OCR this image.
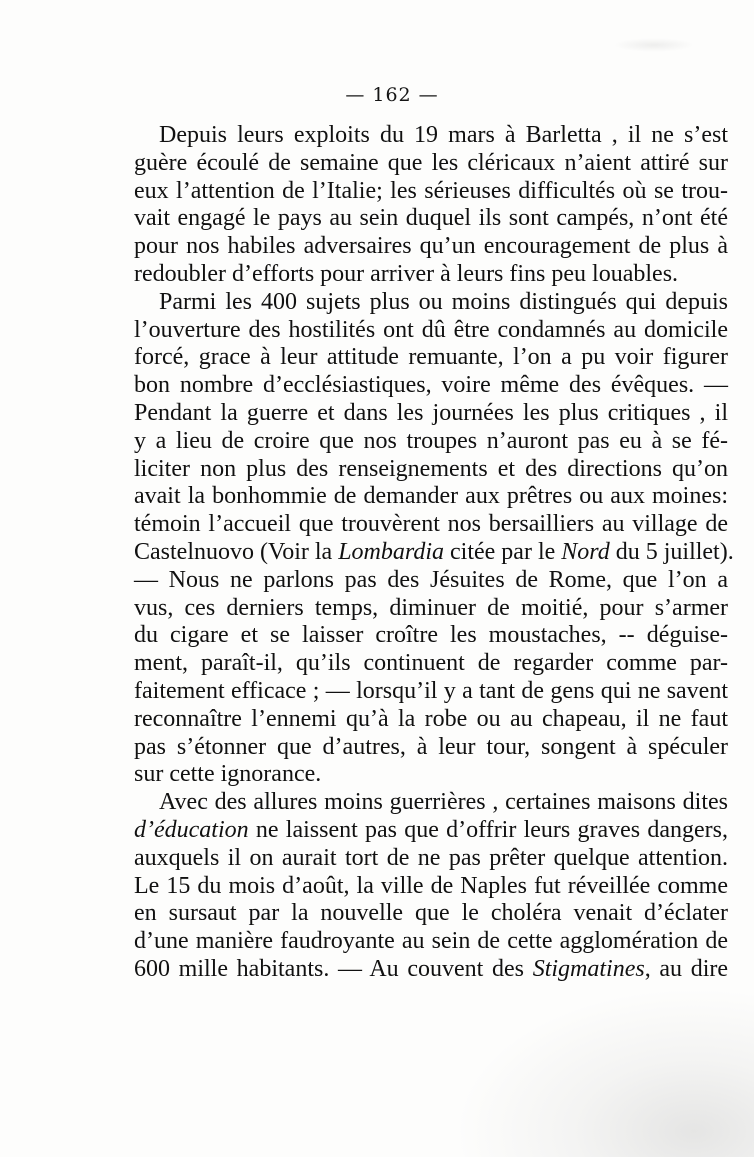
— 162 —
Depuis leurs exploits du 19 mars à Barletta , il ne s’est
guère écoulé de semaine que les cléricaux n’aient attiré sur
eux l’attention de l’Italie; les sérieuses difficultés où se trou-
vait engagé le pays au sein duquel ils sont campés, n’ont été
pour nos habiles adversaires qu’un encouragement de plus à
redoubler d’efforts pour arriver à leurs fins peu louables.
Parmi les 400 sujets plus ou moins distingués qui depuis
l’ouverture des hostilités ont dû être condamnés au domicile
forcé, grace à leur attitude remuante, l’on a pu voir figurer
bon nombre d’ecclésiastiques, voire même des évêques. —
Pendant la guerre et dans les journées les plus critiques , il
y a lieu de croire que nos troupes n’auront pas eu à se fé-
liciter non plus des renseignements et des directions qu’on
avait la bonhommie de demander aux prêtres ou aux moines:
témoin l’accueil que trouvèrent nos bersailliers au village de
Castelnuovo (Voir la Lombardia citée par le Nord du 5 juillet).
— Nous ne parlons pas des Jésuites de Rome, que l’on a
vus, ces derniers temps, diminuer de moitié, pour s’armer
du cigare et se laisser croître les moustaches, -- déguise-
ment, paraît-il, qu’ils continuent de regarder comme par-
faitement efficace ; — lorsqu’il y a tant de gens qui ne savent
reconnaître l’ennemi qu’à la robe ou au chapeau, il ne faut
pas s’étonner que d’autres, à leur tour, songent à spéculer
sur cette ignorance.
Avec des allures moins guerrières , certaines maisons dites
d’éducation ne laissent pas que d’offrir leurs graves dangers,
auxquels il on aurait tort de ne pas prêter quelque attention.
Le 15 du mois d’août, la ville de Naples fut réveillée comme
en sursaut par la nouvelle que le choléra venait d’éclater
d’une manière faudroyante au sein de cette agglomération de
600 mille habitants. — Au couvent des Stigmatines, au dire
